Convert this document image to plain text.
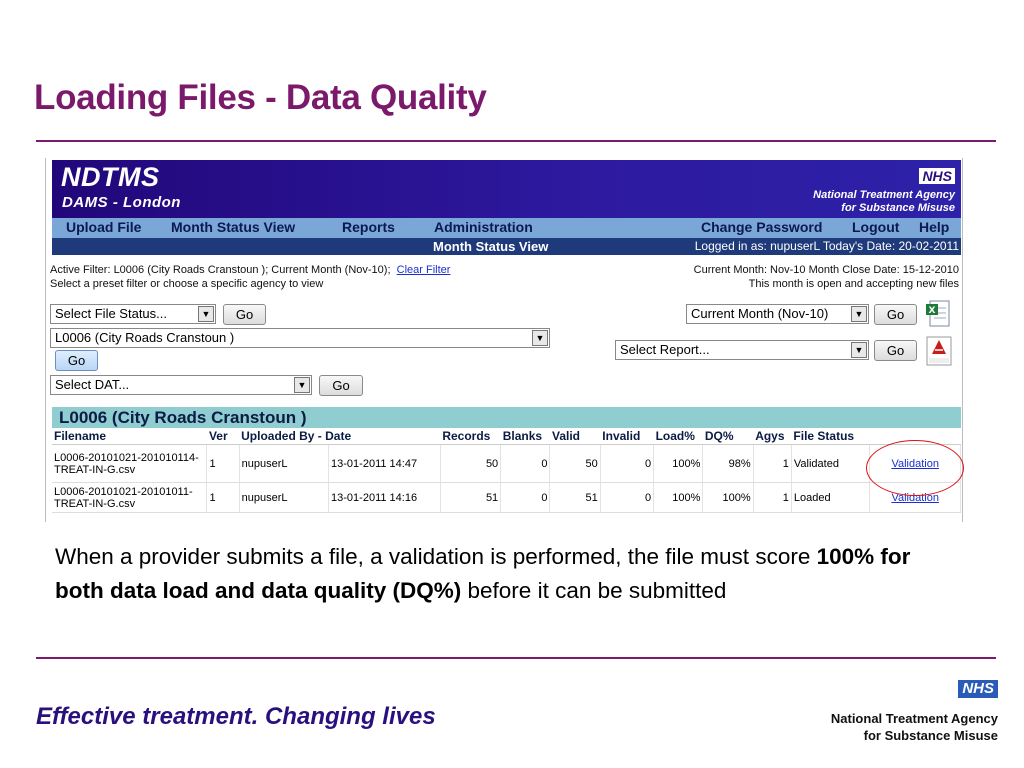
Loading Files - Data Quality
NDTMS
DAMS - London
NHS
National Treatment Agency
for Substance Misuse
Upload File Month Status View	Reports	Administration	Change Password Logout Help
Month Status View	Logged in as: nupuserL Today's Date: 20-02-2011
Active Filter: L0006 (City Roads Cranstoun ); Current Month (Nov-10); Clear Filter
Select a preset filter or choose a specific agency to view
Current Month: Nov-10 Month Close Date: 15-12-2010
This month is open and accepting new files
Select File Status...	▼	Go
L0006 (City Roads Cranstoun )	▼
Go
Select DAT...	▼	Go
Current Month (Nov-10)	▼	Go
Select Report...	▼	Go
X
L0006 (City Roads Cranstoun )
Filename	Ver	Uploaded By - Date		Records	Blanks	Valid	Invalid	Load%	DQ%	Agys	File Status	
L0006-20101021-201010114-TREAT-IN-G.csv	1	nupuserL	13-01-2011 14:47	50	0	50	0	100%	98%	1	Validated	Validation
L0006-20101021-20101011-TREAT-IN-G.csv	1	nupuserL	13-01-2011 14:16	51	0	51	0	100%	100%	1	Loaded	Validation
When a provider submits a file, a validation is performed, the file must score 100% for both data load and data quality (DQ%) before it can be submitted
Effective treatment. Changing lives
NHS
National Treatment Agency
for Substance Misuse
